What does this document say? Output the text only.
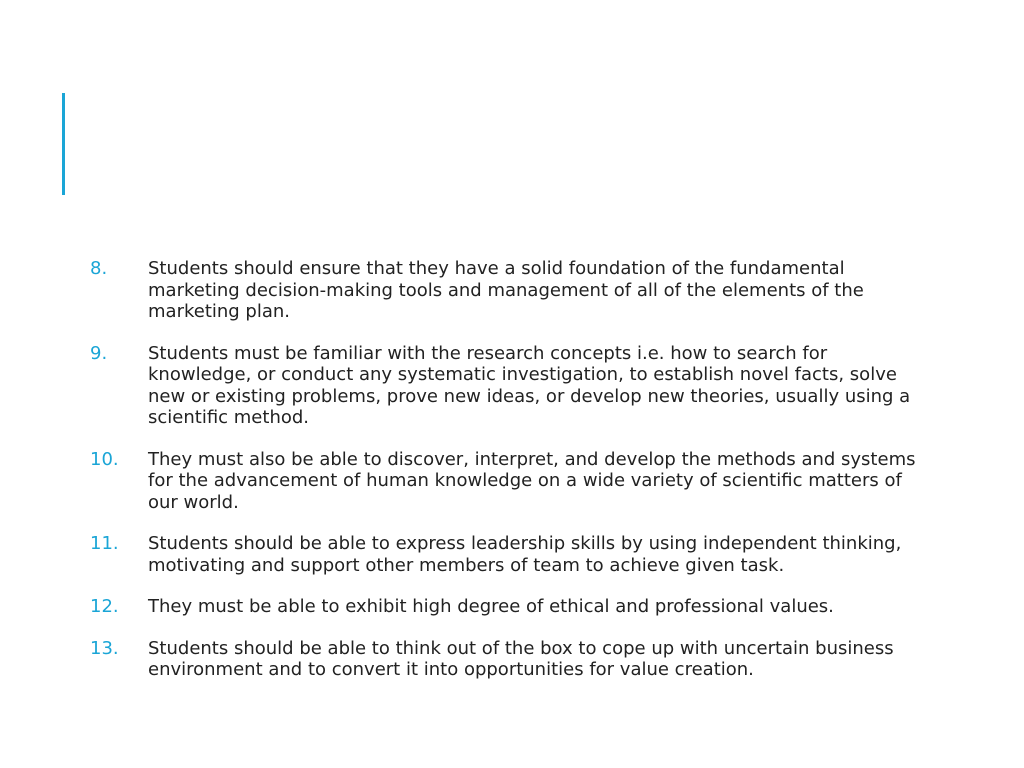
8.	Students should ensure that they have a solid foundation of the fundamental marketing decision-making tools and management of all of the elements of the marketing plan.
9.	Students must be familiar with the research concepts i.e. how to search for knowledge, or conduct any systematic investigation, to establish novel facts, solve new or existing problems, prove new ideas, or develop new theories, usually using a scientific method.
10.	They must also be able to discover, interpret, and develop the methods and systems for the advancement of human knowledge on a wide variety of scientific matters of our world.
11.	Students should be able to express leadership skills by using independent thinking, motivating and support other members of team to achieve given task.
12.	They must be able to exhibit high degree of ethical and professional values.
13.	Students should be able to think out of the box to cope up with uncertain business environment and to convert it into opportunities for value creation.
